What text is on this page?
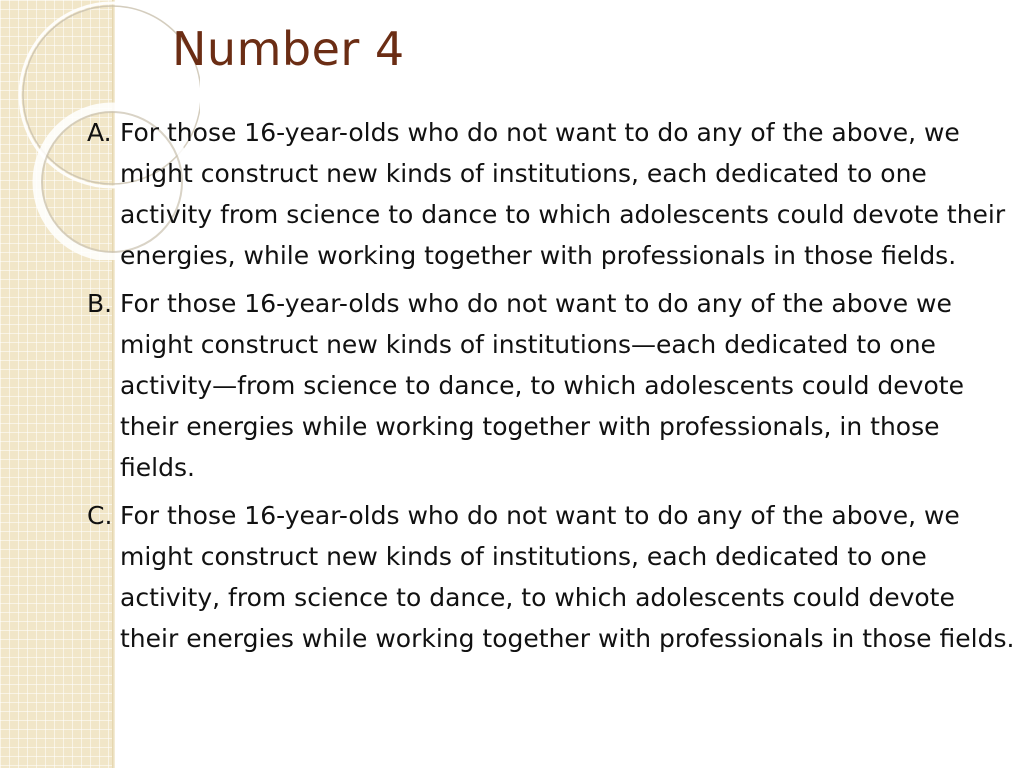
Number 4
A. For those 16-year-olds who do not want to do any of the above, we might construct new kinds of institutions, each dedicated to one activity from science to dance to which adolescents could devote their energies, while working together with professionals in those fields.
B. For those 16-year-olds who do not want to do any of the above we might construct new kinds of institutions—each dedicated to one activity—from science to dance, to which adolescents could devote their energies while working together with professionals, in those fields.
C. For those 16-year-olds who do not want to do any of the above, we might construct new kinds of institutions, each dedicated to one activity, from science to dance, to which adolescents could devote their energies while working together with professionals in those fields.
